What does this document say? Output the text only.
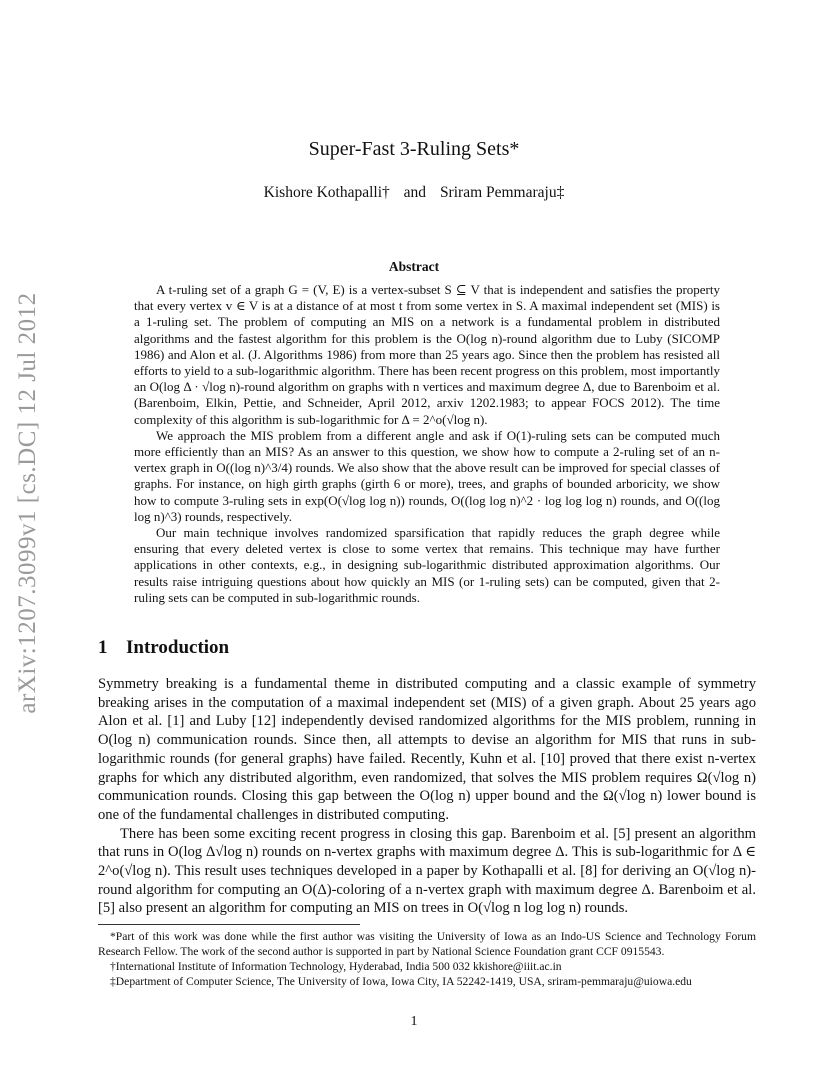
arXiv:1207.3099v1 [cs.DC] 12 Jul 2012
Super-Fast 3-Ruling Sets*
Kishore Kothapalli† and Sriram Pemmaraju‡
Abstract

A t-ruling set of a graph G = (V, E) is a vertex-subset S ⊆ V that is independent and satisfies the property that every vertex v ∈ V is at a distance of at most t from some vertex in S. A maximal independent set (MIS) is a 1-ruling set. The problem of computing an MIS on a network is a fundamental problem in distributed algorithms and the fastest algorithm for this problem is the O(log n)-round algorithm due to Luby (SICOMP 1986) and Alon et al. (J. Algorithms 1986) from more than 25 years ago. Since then the problem has resisted all efforts to yield to a sub-logarithmic algorithm. There has been recent progress on this problem, most importantly an O(log Δ · √log n)-round algorithm on graphs with n vertices and maximum degree Δ, due to Barenboim et al. (Barenboim, Elkin, Pettie, and Schneider, April 2012, arxiv 1202.1983; to appear FOCS 2012). The time complexity of this algorithm is sub-logarithmic for Δ = 2^o(√log n).

We approach the MIS problem from a different angle and ask if O(1)-ruling sets can be computed much more efficiently than an MIS? As an answer to this question, we show how to compute a 2-ruling set of an n-vertex graph in O((log n)^3/4) rounds. We also show that the above result can be improved for special classes of graphs. For instance, on high girth graphs (girth 6 or more), trees, and graphs of bounded arboricity, we show how to compute 3-ruling sets in exp(O(√log log n)) rounds, O((log log n)^2 · log log log n) rounds, and O((log log n)^3) rounds, respectively.

Our main technique involves randomized sparsification that rapidly reduces the graph degree while ensuring that every deleted vertex is close to some vertex that remains. This technique may have further applications in other contexts, e.g., in designing sub-logarithmic distributed approximation algorithms. Our results raise intriguing questions about how quickly an MIS (or 1-ruling sets) can be computed, given that 2-ruling sets can be computed in sub-logarithmic rounds.

1 Introduction

Symmetry breaking is a fundamental theme in distributed computing and a classic example of symmetry breaking arises in the computation of a maximal independent set (MIS) of a given graph. About 25 years ago Alon et al. [1] and Luby [12] independently devised randomized algorithms for the MIS problem, running in O(log n) communication rounds. Since then, all attempts to devise an algorithm for MIS that runs in sub-logarithmic rounds (for general graphs) have failed. Recently, Kuhn et al. [10] proved that there exist n-vertex graphs for which any distributed algorithm, even randomized, that solves the MIS problem requires Ω(√log n) communication rounds. Closing this gap between the O(log n) upper bound and the Ω(√log n) lower bound is one of the fundamental challenges in distributed computing.

There has been some exciting recent progress in closing this gap. Barenboim et al. [5] present an algorithm that runs in O(log Δ√log n) rounds on n-vertex graphs with maximum degree Δ. This is sub-logarithmic for Δ ∈ 2^o(√log n). This result uses techniques developed in a paper by Kothapalli et al. [8] for deriving an O(√log n)-round algorithm for computing an O(Δ)-coloring of a n-vertex graph with maximum degree Δ. Barenboim et al. [5] also present an algorithm for computing an MIS on trees in O(√log n log log n) rounds.

*Part of this work was done while the first author was visiting the University of Iowa as an Indo-US Science and Technology Forum Research Fellow. The work of the second author is supported in part by National Science Foundation grant CCF 0915543.

†International Institute of Information Technology, Hyderabad, India 500 032 kkishore@iiit.ac.in

‡Department of Computer Science, The University of Iowa, Iowa City, IA 52242-1419, USA, sriram-pemmaraju@uiowa.edu

1
